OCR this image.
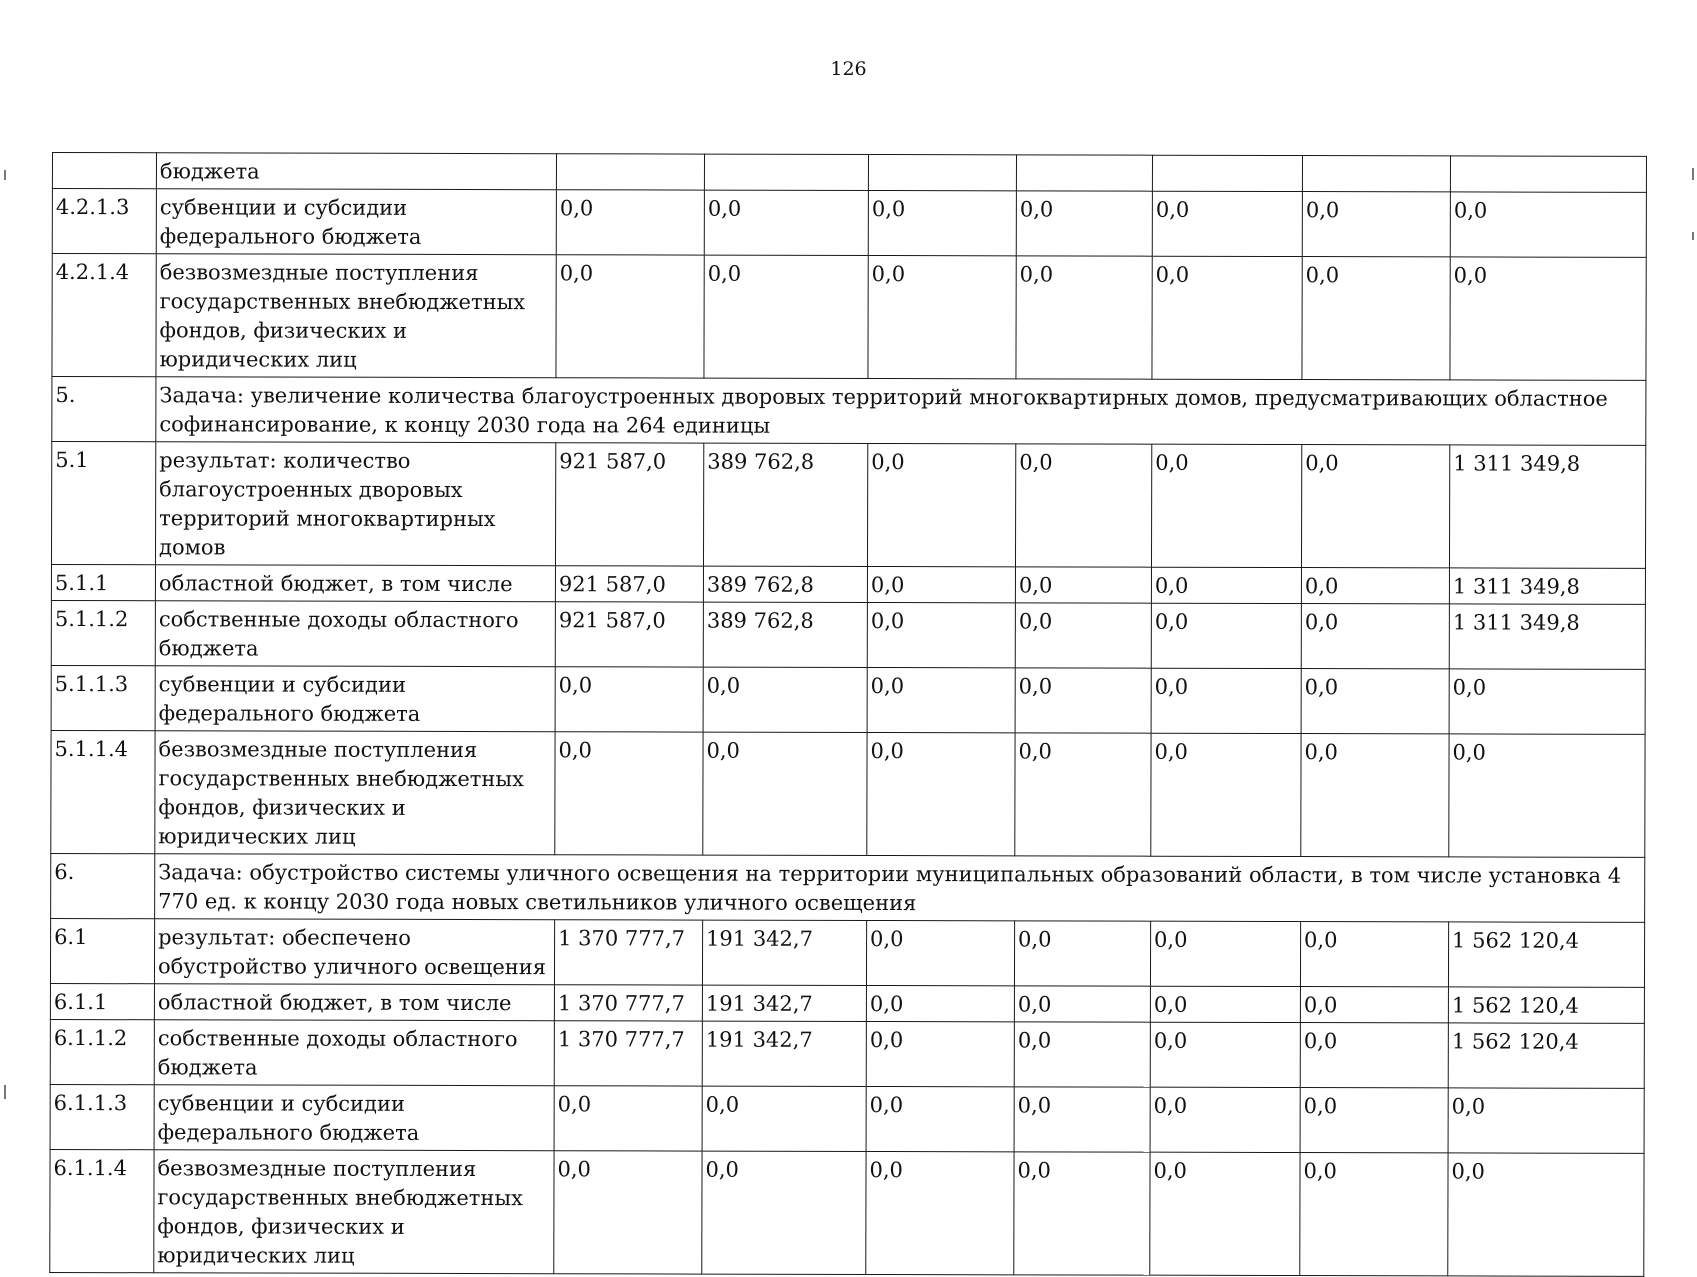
126
	бюджета							
4.2.1.3	субвенции и субсидии федерального бюджета	0,0	0,0	0,0	0,0	0,0	0,0	0,0
4.2.1.4	безвозмездные поступления государственных внебюджетных фондов, физических и юридических лиц	0,0	0,0	0,0	0,0	0,0	0,0	0,0
5.	Задача: увеличение количества благоустроенных дворовых территорий многоквартирных домов, предусматривающих областное софинансирование, к концу 2030 года на 264 единицы							
5.1	результат: количество благоустроенных дворовых территорий многоквартирных домов	921 587,0	389 762,8	0,0	0,0	0,0	0,0	1 311 349,8
5.1.1	областной бюджет, в том числе	921 587,0	389 762,8	0,0	0,0	0,0	0,0	1 311 349,8
5.1.1.2	собственные доходы областного бюджета	921 587,0	389 762,8	0,0	0,0	0,0	0,0	1 311 349,8
5.1.1.3	субвенции и субсидии федерального бюджета	0,0	0,0	0,0	0,0	0,0	0,0	0,0
5.1.1.4	безвозмездные поступления государственных внебюджетных фондов, физических и юридических лиц	0,0	0,0	0,0	0,0	0,0	0,0	0,0
6.	Задача: обустройство системы уличного освещения на территории муниципальных образований области, в том числе установка 4 770 ед. к концу 2030 года новых светильников уличного освещения							
6.1	результат: обеспечено обустройство уличного освещения	1 370 777,7	191 342,7	0,0	0,0	0,0	0,0	1 562 120,4
6.1.1	областной бюджет, в том числе	1 370 777,7	191 342,7	0,0	0,0	0,0	0,0	1 562 120,4
6.1.1.2	собственные доходы областного бюджета	1 370 777,7	191 342,7	0,0	0,0	0,0	0,0	1 562 120,4
6.1.1.3	субвенции и субсидии федерального бюджета	0,0	0,0	0,0	0,0	0,0	0,0	0,0
6.1.1.4	безвозмездные поступления государственных внебюджетных фондов, физических и юридических лиц	0,0	0,0	0,0	0,0	0,0	0,0	0,0
